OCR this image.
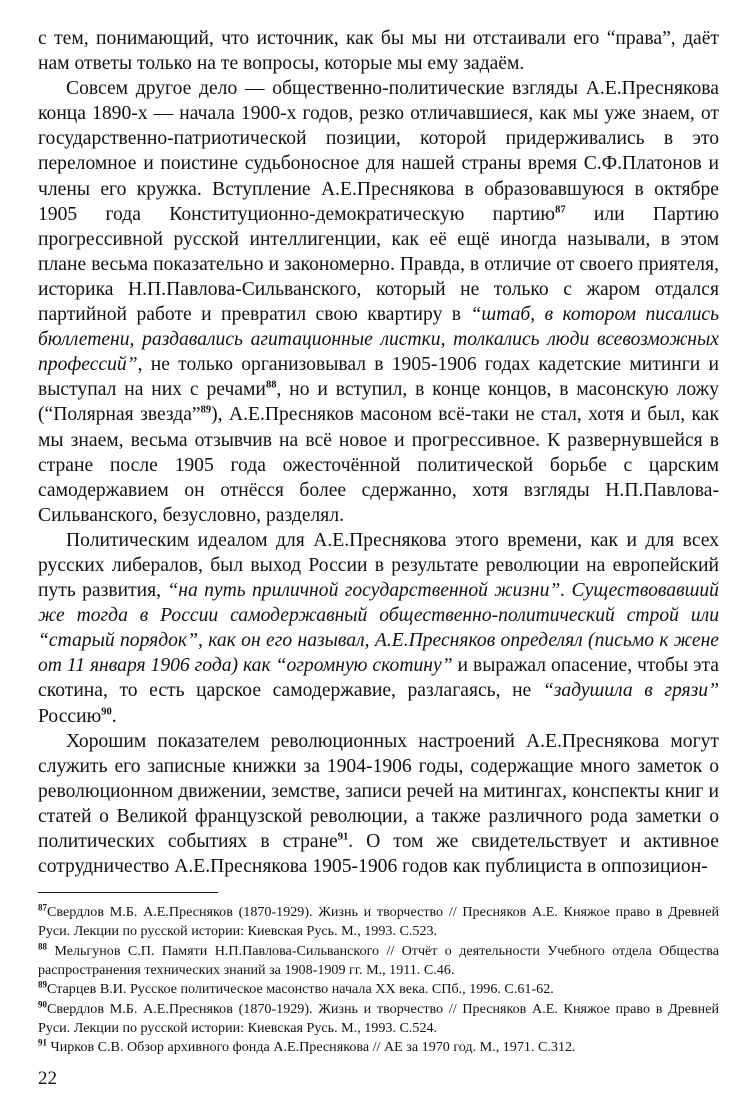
с тем, понимающий, что источник, как бы мы ни отстаивали его “права”, даёт нам ответы только на те вопросы, которые мы ему задаём.

Совсем другое дело — общественно-политические взгляды А.Е.Преснякова конца 1890-х — начала 1900-х годов, резко отличавшиеся, как мы уже знаем, от государственно-патриотической позиции, которой придерживались в это переломное и поистине судьбоносное для нашей страны время С.Ф.Платонов и члены его кружка. Вступление А.Е.Преснякова в образовавшуюся в октябре 1905 года Конституционно-демократическую партию$^{87}$ или Партию прогрессивной русской интеллигенции, как её ещё иногда называли, в этом плане весьма показательно и закономерно. Правда, в отличие от своего приятеля, историка Н.П.Павлова-Сильванского, который не только с жаром отдался партийной работе и превратил свою квартиру в “штаб, в котором писались бюллетени, раздавались агитационные листки, толкались люди всевозможных профессий”, не только организовывал в 1905-1906 годах кадетские митинги и выступал на них с речами$^{88}$, но и вступил, в конце концов, в масонскую ложу (“Полярная звезда”$^{89}$), А.Е.Пресняков масоном всё-таки не стал, хотя и был, как мы знаем, весьма отзывчив на всё новое и прогрессивное. К развернувшейся в стране после 1905 года ожесточённой политической борьбе с царским самодержавием он отнёсся более сдержанно, хотя взгляды Н.П.Павлова-Сильванского, безусловно, разделял.

Политическим идеалом для А.Е.Преснякова этого времени, как и для всех русских либералов, был выход России в результате революции на европейский путь развития, “на путь приличной государственной жизни”. Существовавший же тогда в России самодержавный общественно-политический строй или “старый порядок”, как он его называл, А.Е.Пресняков определял (письмо к жене от 11 января 1906 года) как “огромную скотину” и выражал опасение, чтобы эта скотина, то есть царское самодержавие, разлагаясь, не “задушила в грязи” Россию$^{90}$.

Хорошим показателем революционных настроений А.Е.Преснякова могут служить его записные книжки за 1904-1906 годы, содержащие много заметок о революционном движении, земстве, записи речей на митингах, конспекты книг и статей о Великой французской революции, а также различного рода заметки о политических событиях в стране$^{91}$. О том же свидетельствует и активное сотрудничество А.Е.Преснякова 1905-1906 годов как публициста в оппозицион-

$^{87}$Свердлов М.Б. А.Е.Пресняков (1870-1929). Жизнь и творчество // Пресняков А.Е. Княжое право в Древней Руси. Лекции по русской истории: Киевская Русь. М., 1993. С.523.

$^{88}$ Мельгунов С.П. Памяти Н.П.Павлова-Сильванского // Отчёт о деятельности Учебного отдела Общества распространения технических знаний за 1908-1909 гг. М., 1911. С.46.

$^{89}$Старцев В.И. Русское политическое масонство начала XX века. СПб., 1996. С.61-62.

$^{90}$Свердлов М.Б. А.Е.Пресняков (1870-1929). Жизнь и творчество // Пресняков А.Е. Княжое право в Древней Руси. Лекции по русской истории: Киевская Русь. М., 1993. С.524.

$^{91}$ Чирков С.В. Обзор архивного фонда А.Е.Преснякова // АЕ за 1970 год. М., 1971. С.312.

22
